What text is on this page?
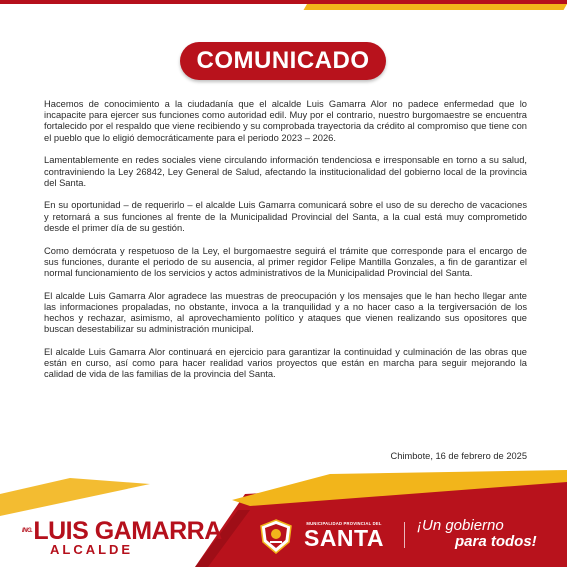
COMUNICADO

Hacemos de conocimiento a la ciudadanía que el alcalde Luis Gamarra Alor no padece enfermedad que lo incapacite para ejercer sus funciones como autoridad edil. Muy por el contrario, nuestro burgomaestre se encuentra fortalecido por el respaldo que viene recibiendo y su comprobada trayectoria da crédito al compromiso que tiene con el pueblo que lo eligió democráticamente para el periodo 2023 – 2026.

Lamentablemente en redes sociales viene circulando información tendenciosa e irresponsable en torno a su salud, contraviniendo la Ley 26842, Ley General de Salud, afectando la institucionalidad del gobierno local de la provincia del Santa.

En su oportunidad – de requerirlo – el alcalde Luis Gamarra comunicará sobre el uso de su derecho de vacaciones y retornará a sus funciones al frente de la Municipalidad Provincial del Santa, a la cual está muy comprometido desde el primer día de su gestión.

Como demócrata y respetuoso de la Ley, el burgomaestre seguirá el trámite que corresponde para el encargo de sus funciones, durante el periodo de su ausencia, al primer regidor Felipe Mantilla Gonzales, a fin de garantizar el normal funcionamiento de los servicios y actos administrativos de la Municipalidad Provincial del Santa.

El alcalde Luis Gamarra Alor agradece las muestras de preocupación y los mensajes que le han hecho llegar ante las informaciones propaladas, no obstante, invoca a la tranquilidad y a no hacer caso a la tergiversación de los hechos y rechazar, asimismo, al aprovechamiento político y ataques que vienen realizando sus opositores que buscan desestabilizar su administración municipal.

El alcalde Luis Gamarra Alor continuará en ejercicio para garantizar la continuidad y culminación de las obras que están en curso, así como para hacer realidad varios proyectos que están en marcha para seguir mejorando la calidad de vida de las familias de la provincia del Santa.

Chimbote, 16 de febrero de 2025
$^{ING.}$LUIS GAMARRA
ALCALDE
MUNICIPALIDAD PROVINCIAL DEL
SANTA	¡Un gobierno
para todos!
